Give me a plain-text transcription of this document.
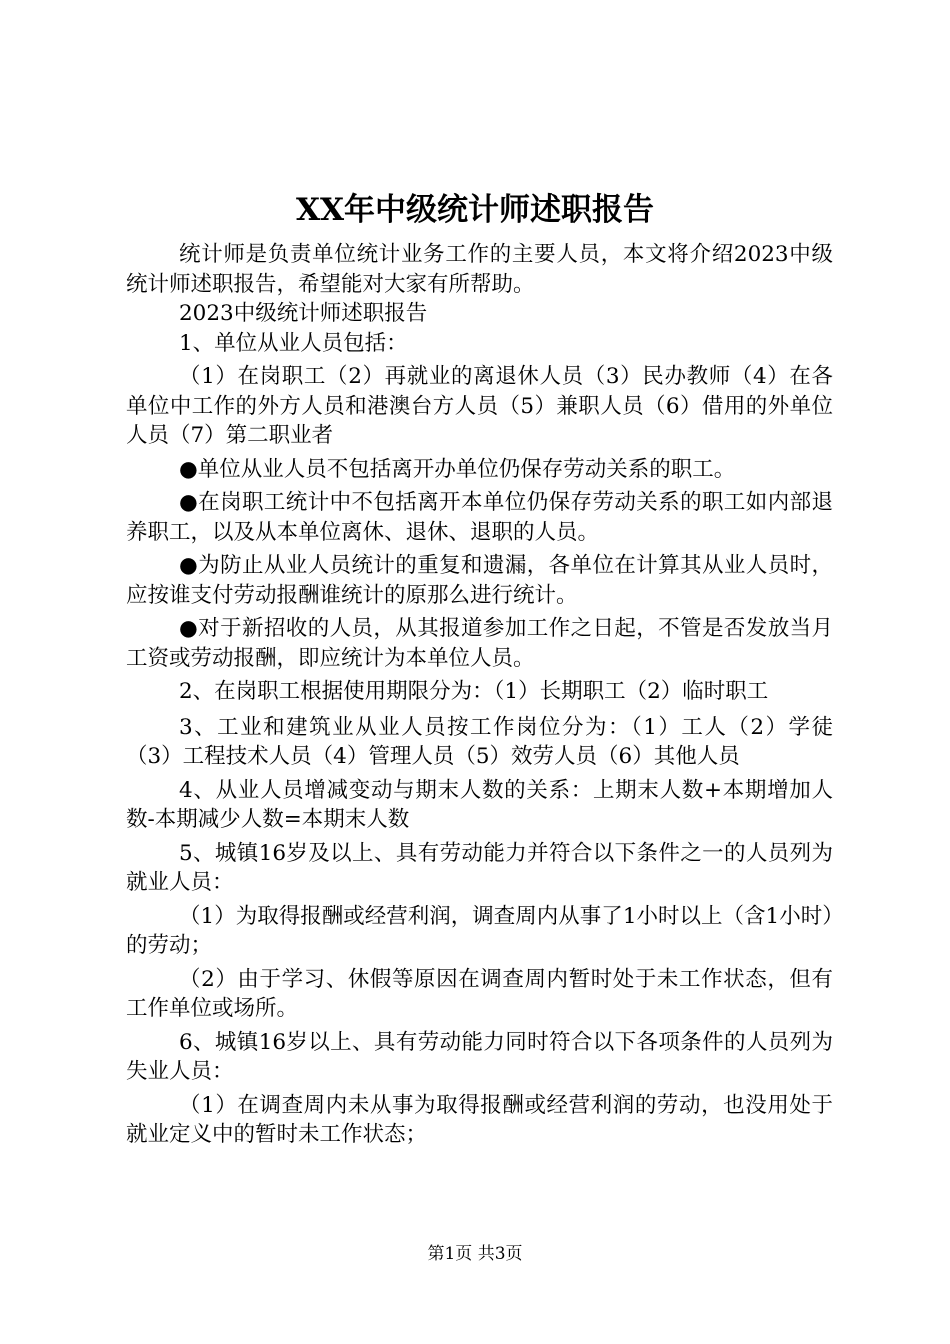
XX年中级统计师述职报告

统计师是负责单位统计业务工作的主要人员，本文将介绍2023中级统计师述职报告，希望能对大家有所帮助。

2023中级统计师述职报告

1、单位从业人员包括：

（1）在岗职工（2）再就业的离退休人员（3）民办教师（4）在各单位中工作的外方人员和港澳台方人员（5）兼职人员（6）借用的外单位人员（7）第二职业者

●单位从业人员不包括离开办单位仍保存劳动关系的职工。

●在岗职工统计中不包括离开本单位仍保存劳动关系的职工如内部退养职工，以及从本单位离休、退休、退职的人员。

●为防止从业人员统计的重复和遗漏，各单位在计算其从业人员时，应按谁支付劳动报酬谁统计的原那么进行统计。

●对于新招收的人员，从其报道参加工作之日起，不管是否发放当月工资或劳动报酬，即应统计为本单位人员。

2、在岗职工根据使用期限分为：（1）长期职工（2）临时职工

3、工业和建筑业从业人员按工作岗位分为：（1）工人（2）学徒（3）工程技术人员（4）管理人员（5）效劳人员（6）其他人员

4、从业人员增减变动与期末人数的关系：上期末人数+本期增加人数-本期减少人数=本期末人数

5、城镇16岁及以上、具有劳动能力并符合以下条件之一的人员列为就业人员：

（1）为取得报酬或经营利润，调查周内从事了1小时以上（含1小时）的劳动；

（2）由于学习、休假等原因在调查周内暂时处于未工作状态，但有工作单位或场所。

6、城镇16岁以上、具有劳动能力同时符合以下各项条件的人员列为失业人员：

（1）在调查周内未从事为取得报酬或经营利润的劳动，也没用处于就业定义中的暂时未工作状态；

第1页 共3页
